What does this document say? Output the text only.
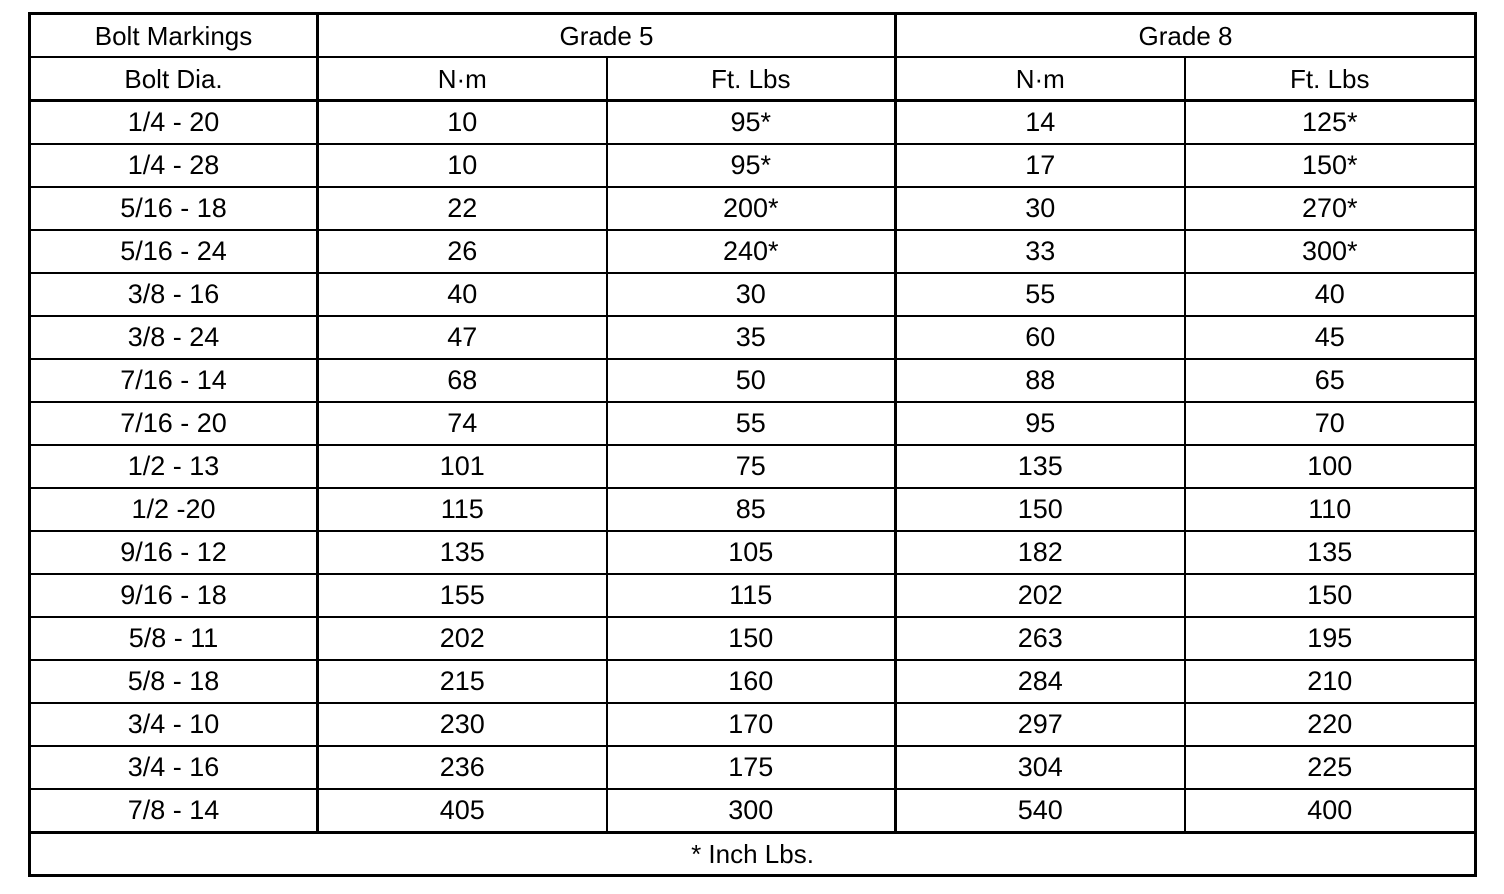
Bolt Markings	Grade 5		Grade 8	
Bolt Dia.	N·m	Ft. Lbs	N·m	Ft. Lbs
1/4 - 20	10	95*	14	125*
1/4 - 28	10	95*	17	150*
5/16 - 18	22	200*	30	270*
5/16 - 24	26	240*	33	300*
3/8 - 16	40	30	55	40
3/8 - 24	47	35	60	45
7/16 - 14	68	50	88	65
7/16 - 20	74	55	95	70
1/2 - 13	101	75	135	100
1/2 -20	115	85	150	110
9/16 - 12	135	105	182	135
9/16 - 18	155	115	202	150
5/8 - 11	202	150	263	195
5/8 - 18	215	160	284	210
3/4 - 10	230	170	297	220
3/4 - 16	236	175	304	225
7/8 - 14	405	300	540	400
* Inch Lbs.				
